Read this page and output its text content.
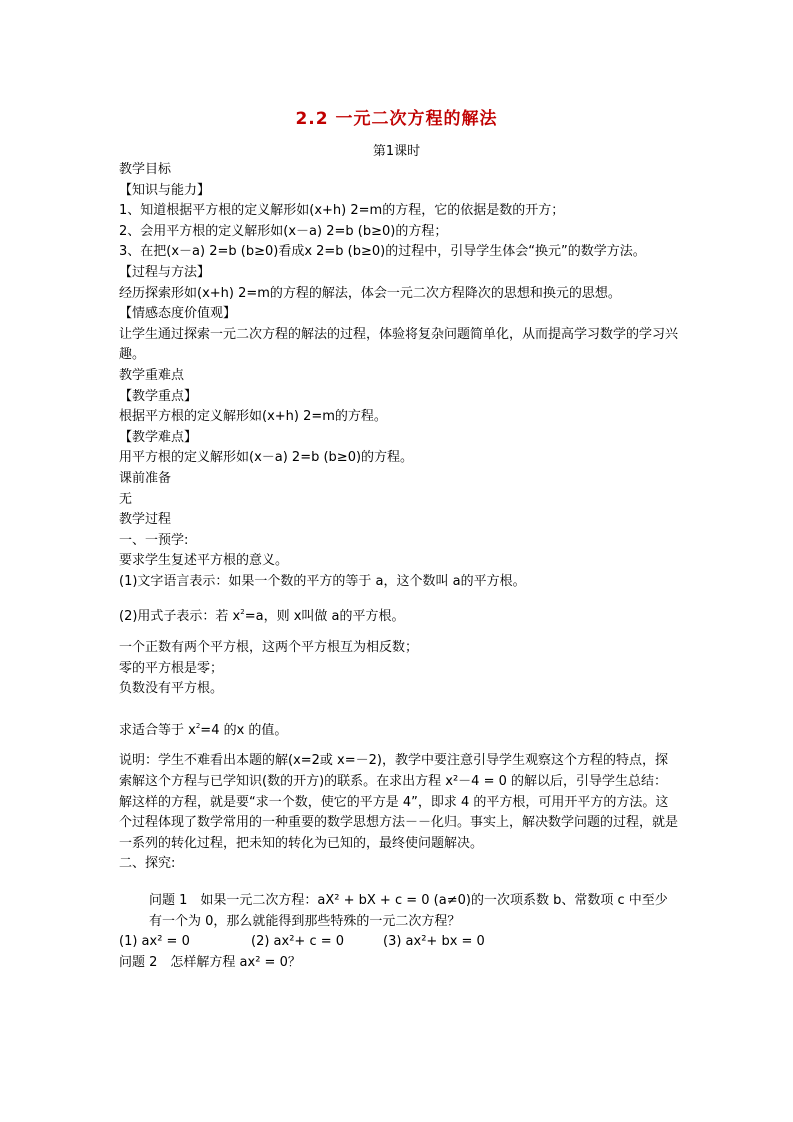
2.2 一元二次方程的解法
第1课时

教学目标

【知识与能力】

1、知道根据平方根的定义解形如(x+h) 2=m的方程，它的依据是数的开方；

2、会用平方根的定义解形如(x－a) 2=b (b≥0)的方程；

3、在把(x－a) 2=b (b≥0)看成x 2=b (b≥0)的过程中，引导学生体会“换元”的数学方法。

【过程与方法】

经历探索形如(x+h) 2=m的方程的解法，体会一元二次方程降次的思想和换元的思想。

【情感态度价值观】

让学生通过探索一元二次方程的解法的过程，体验将复杂问题简单化，从而提高学习数学的学习兴趣。

教学重难点

【教学重点】

根据平方根的定义解形如(x+h) 2=m的方程。

【教学难点】

用平方根的定义解形如(x－a) 2=b (b≥0)的方程。

课前准备

无

教学过程

一、一预学:

要求学生复述平方根的意义。

(1)文字语言表示：如果一个数的平方的等于 a，这个数叫 a的平方根。

(2)用式子表示：若 $x^2=a$，则 x叫做 a的平方根。

一个正数有两个平方根，这两个平方根互为相反数；

零的平方根是零；

负数没有平方根。

求适合等于 $x^2=4$ 的x 的值。

说明：学生不难看出本题的解(x=2或 x=－2)，教学中要注意引导学生观察这个方程的特点，探索解这个方程与已学知识(数的开方)的联系。在求出方程 x²－4 = 0 的解以后，引导学生总结：解这样的方程，就是要“求一个数，使它的平方是 4”，即求 4 的平方根，可用开平方的方法。这个过程体现了数学常用的一种重要的数学思想方法－－化归。事实上，解决数学问题的过程，就是一系列的转化过程，把未知的转化为已知的，最终使问题解决。

二、探究:

问题 1　如果一元二次方程：aX² + bX + c = 0 (a≠0)的一次项系数 b、常数项 c 中至少有一个为 0，那么就能得到那些特殊的一元二次方程？

(1) ax² = 0	(2) ax²+ c = 0	(3) ax²+ bx = 0

问题 2　怎样解方程 ax² = 0？
